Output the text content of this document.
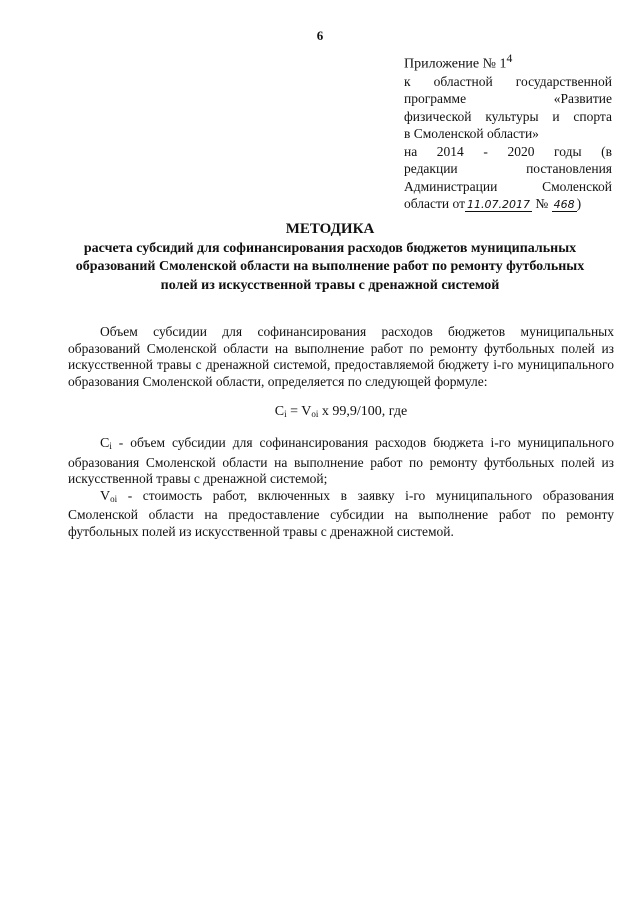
6
Приложение № $1^4$
к областной государственной
программе «Развитие
физической культуры и спорта
в Смоленской области»
на 2014 - 2020 годы (в
редакции постановления
Администрации Смоленской
области от 11.07.2017 № 468 )
МЕТОДИКА
расчета субсидий для софинансирования расходов бюджетов муниципальных образований Смоленской области на выполнение работ по ремонту футбольных полей из искусственной травы с дренажной системой

Объем субсидии для софинансирования расходов бюджетов муниципальных образований Смоленской области на выполнение работ по ремонту футбольных полей из искусственной травы с дренажной системой, предоставляемой бюджету i-го муниципального образования Смоленской области, определяется по следующей формуле:

$C_i = V_{oi}$ х 99,9/100, где

$C_i$ - объем субсидии для софинансирования расходов бюджета i-го муниципального образования Смоленской области на выполнение работ по ремонту футбольных полей из искусственной травы с дренажной системой;

$V_{oi}$ - стоимость работ, включенных в заявку i-го муниципального образования Смоленской области на предоставление субсидии на выполнение работ по ремонту футбольных полей из искусственной травы с дренажной системой.
